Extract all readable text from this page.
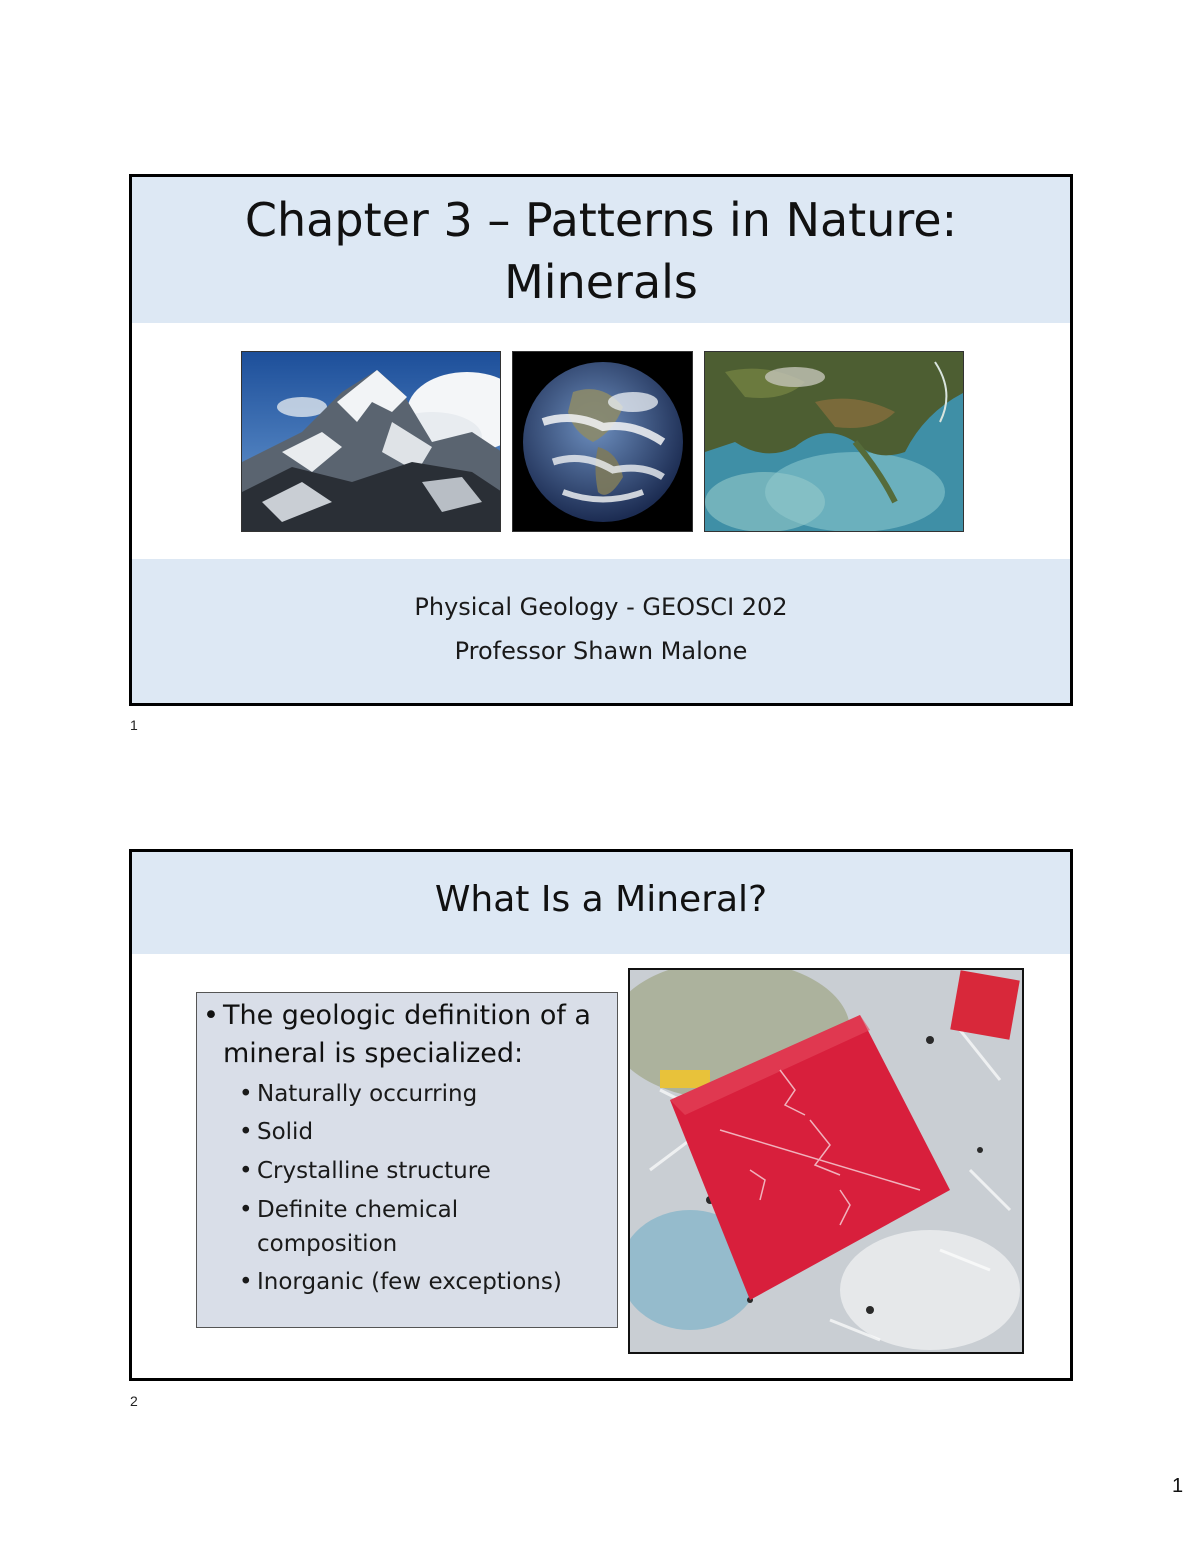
Chapter 3 – Patterns in Nature:
Minerals
Physical Geology - GEOSCI 202
Professor Shawn Malone
1
What Is a Mineral?
• The geologic definition of a mineral is specialized:
• Naturally occurring
• Solid
• Crystalline structure
• Definite chemical composition
• Inorganic (few exceptions)
2
1
